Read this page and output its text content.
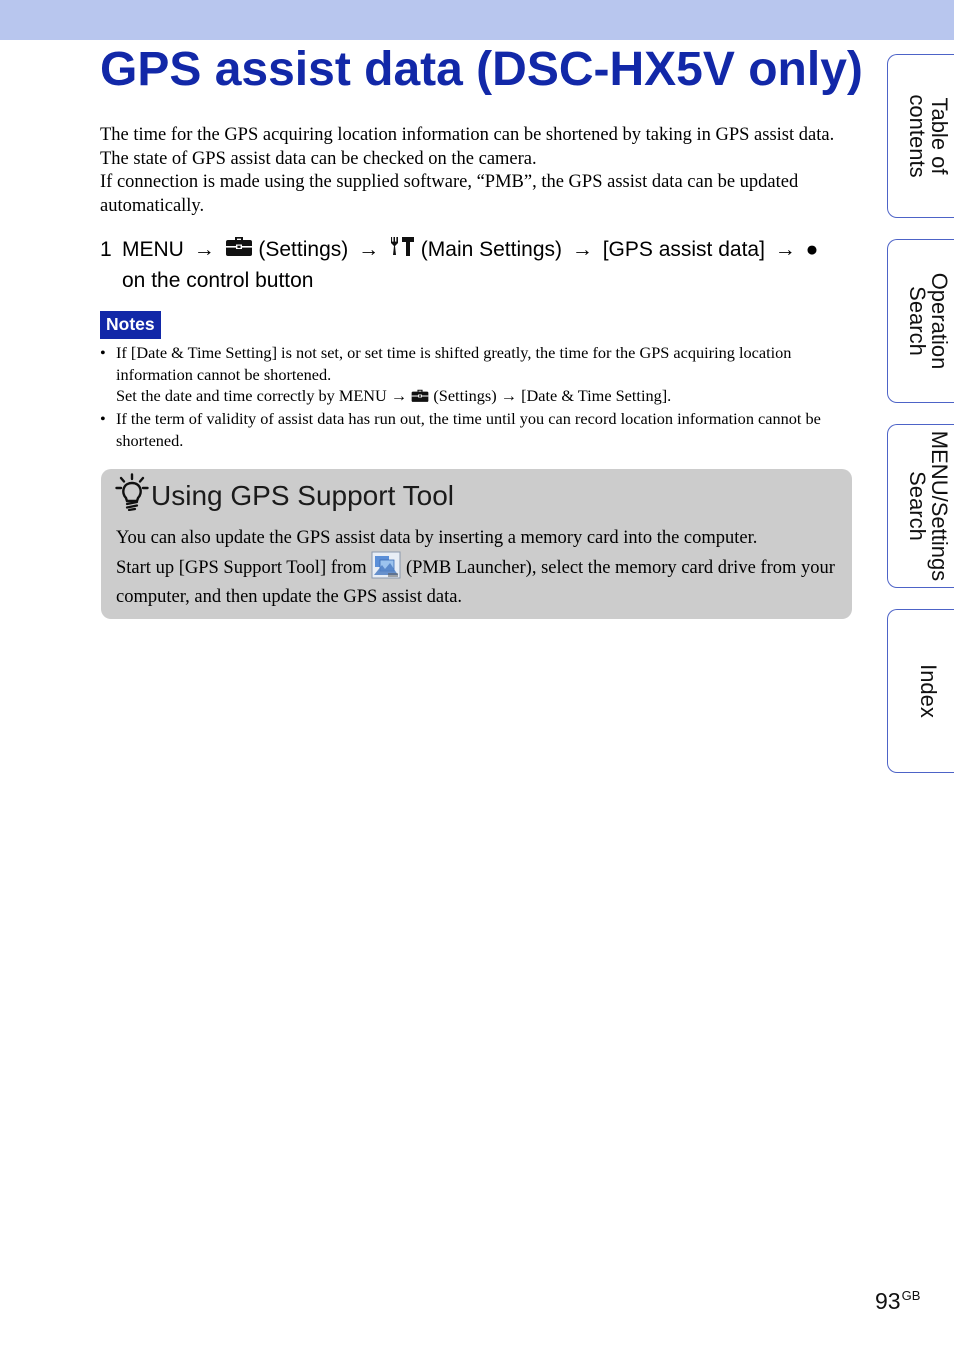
GPS assist data (DSC-HX5V only)

The time for the GPS acquiring location information can be shortened by taking in GPS assist data. The state of GPS assist data can be checked on the camera.

If connection is made using the supplied software, “PMB”, the GPS assist data can be updated automatically.

1 MENU → (Settings) → (Main Settings) → [GPS assist data] → ●
on the control button
Notes
• If [Date & Time Setting] is not set, or set time is shifted greatly, the time for the GPS acquiring location information cannot be shortened.

Set the date and time correctly by MENU → (Settings) → [Date & Time Setting].

• If the term of validity of assist data has run out, the time until you can record location information cannot be shortened.

Using GPS Support Tool

You can also update the GPS assist data by inserting a memory card into the computer.

Start up [GPS Support Tool] from (PMB Launcher), select the memory card drive from your computer, and then update the GPS assist data.

Table of
contents

Operation
Search

MENU/Settings
Search

Index

$93^{GB}$
